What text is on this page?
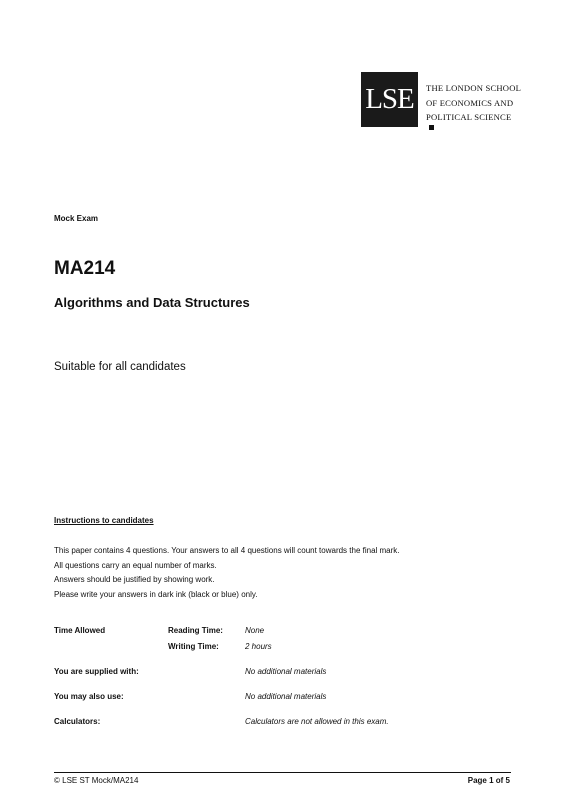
LSE	THE LONDON SCHOOL
OF ECONOMICS AND
POLITICAL SCIENCE
Mock Exam
MA214
Algorithms and Data Structures
Suitable for all candidates
Instructions to candidates
This paper contains 4 questions. Your answers to all 4 questions will count towards the final mark.
All questions carry an equal number of marks.
Answers should be justified by showing work.
Please write your answers in dark ink (black or blue) only.
Time Allowed	Reading Time:	None
Writing Time:	2 hours
You are supplied with:	No additional materials
You may also use:	No additional materials
Calculators:	Calculators are not allowed in this exam.
© LSE ST Mock/MA214	Page 1 of 5
